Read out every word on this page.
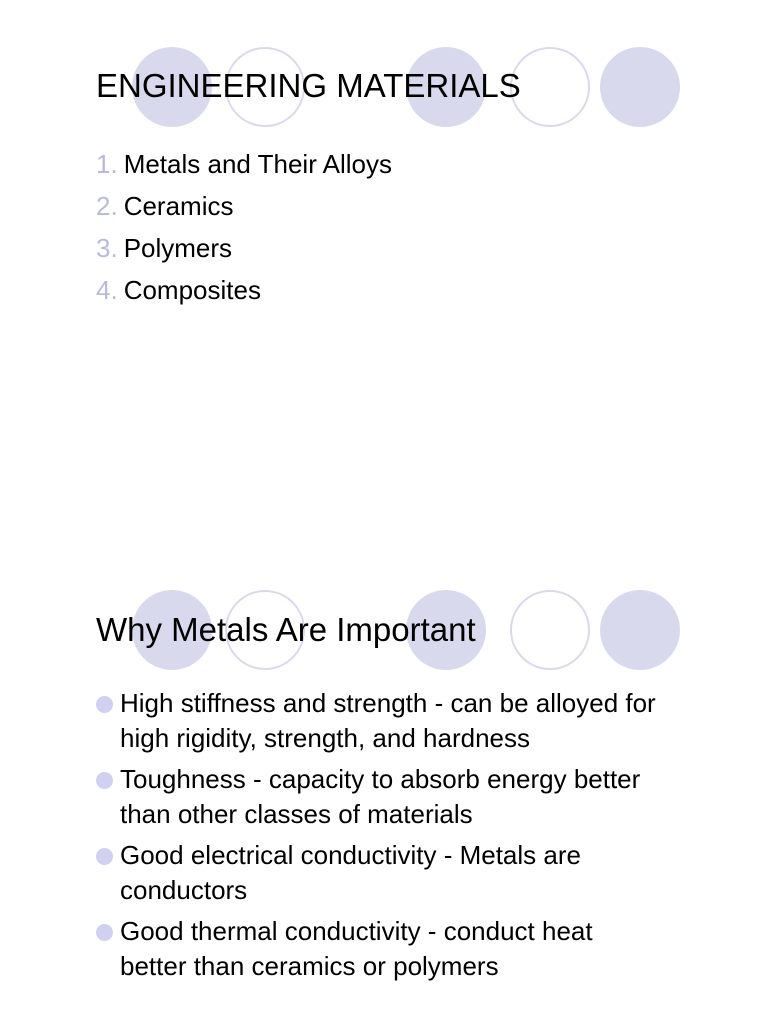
ENGINEERING MATERIALS
1. Metals and Their Alloys
2. Ceramics
3. Polymers
4. Composites
Why Metals Are Important
High stiffness and strength - can be alloyed for high rigidity, strength, and hardness
Toughness - capacity to absorb energy better than other classes of materials
Good electrical conductivity - Metals are conductors
Good thermal conductivity - conduct heat better than ceramics or polymers
